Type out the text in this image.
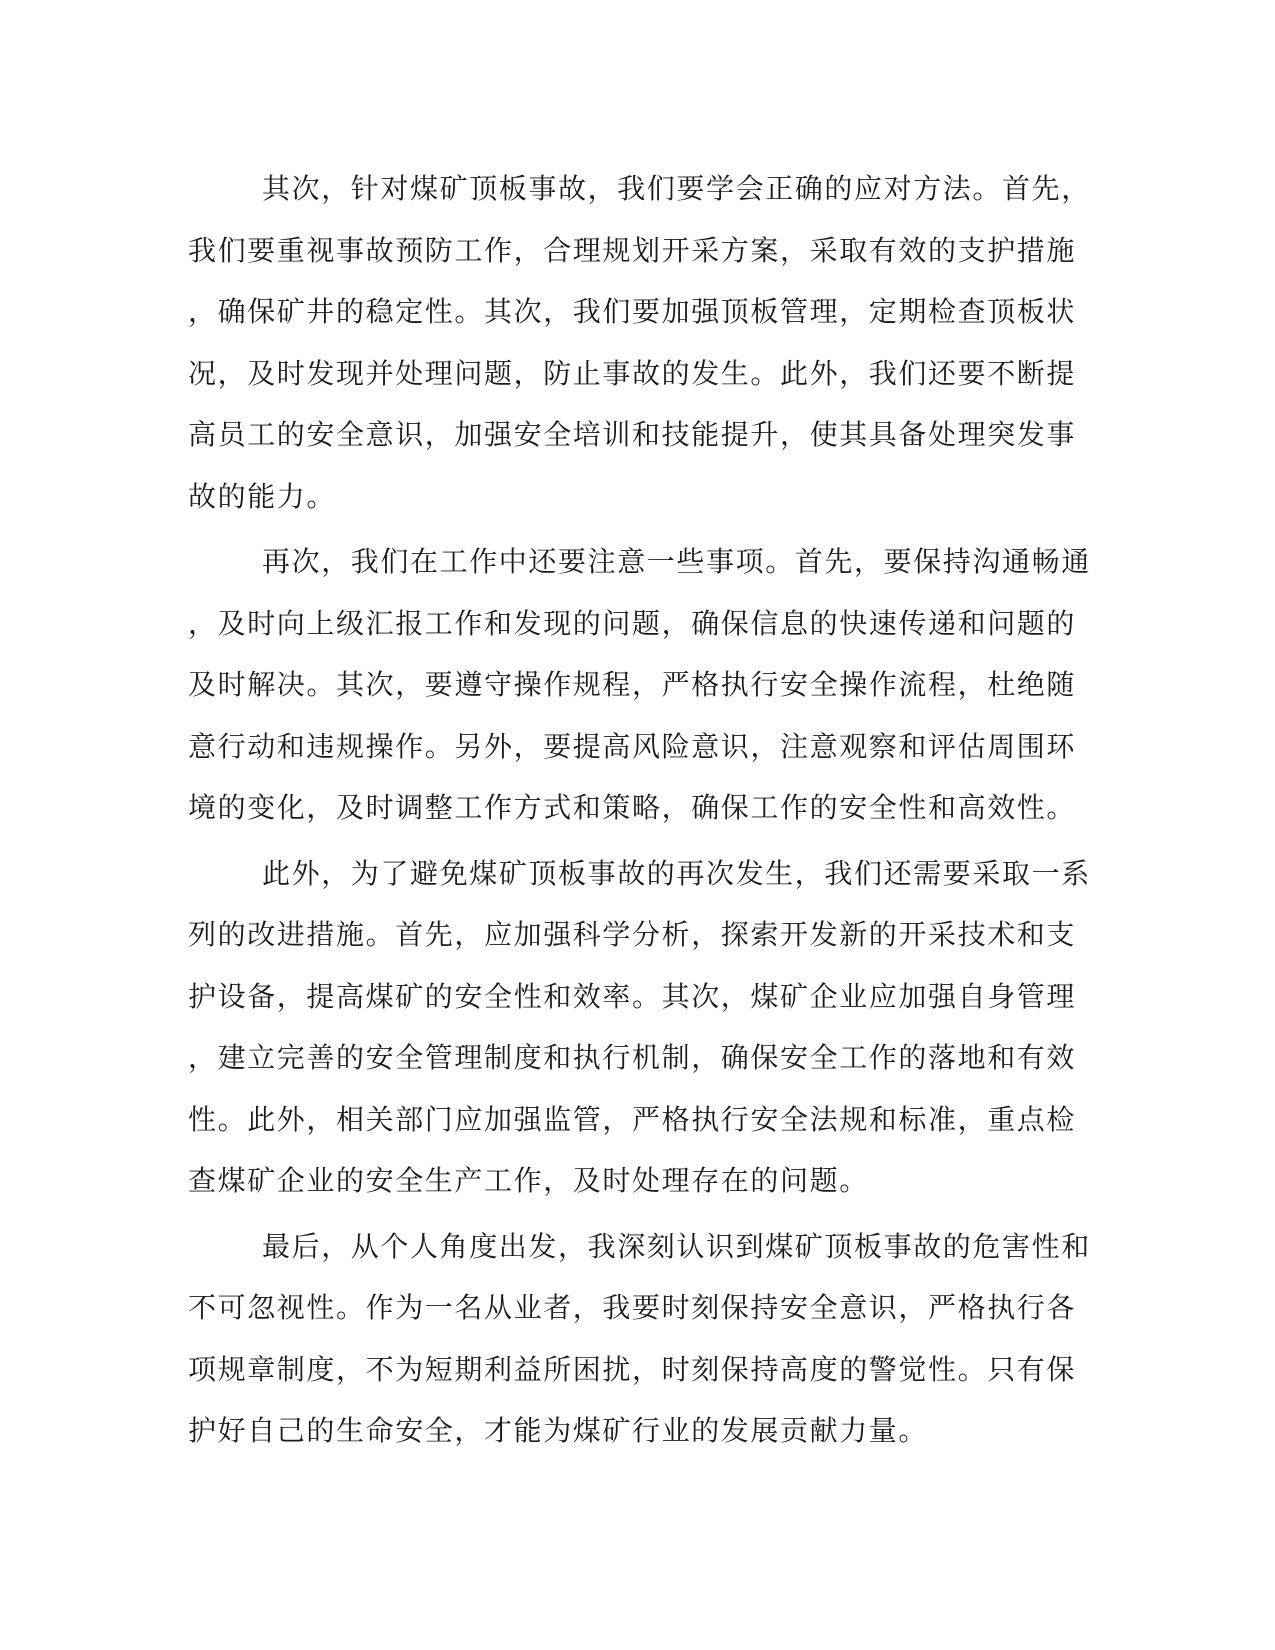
其次，针对煤矿顶板事故，我们要学会正确的应对方法。首先，
我们要重视事故预防工作，合理规划开采方案，采取有效的支护措施
，确保矿井的稳定性。其次，我们要加强顶板管理，定期检查顶板状
况，及时发现并处理问题，防止事故的发生。此外，我们还要不断提
高员工的安全意识，加强安全培训和技能提升，使其具备处理突发事
故的能力。
再次，我们在工作中还要注意一些事项。首先，要保持沟通畅通
，及时向上级汇报工作和发现的问题，确保信息的快速传递和问题的
及时解决。其次，要遵守操作规程，严格执行安全操作流程，杜绝随
意行动和违规操作。另外，要提高风险意识，注意观察和评估周围环
境的变化，及时调整工作方式和策略，确保工作的安全性和高效性。
此外，为了避免煤矿顶板事故的再次发生，我们还需要采取一系
列的改进措施。首先，应加强科学分析，探索开发新的开采技术和支
护设备，提高煤矿的安全性和效率。其次，煤矿企业应加强自身管理
，建立完善的安全管理制度和执行机制，确保安全工作的落地和有效
性。此外，相关部门应加强监管，严格执行安全法规和标准，重点检
查煤矿企业的安全生产工作，及时处理存在的问题。
最后，从个人角度出发，我深刻认识到煤矿顶板事故的危害性和
不可忽视性。作为一名从业者，我要时刻保持安全意识，严格执行各
项规章制度，不为短期利益所困扰，时刻保持高度的警觉性。只有保
护好自己的生命安全，才能为煤矿行业的发展贡献力量。
